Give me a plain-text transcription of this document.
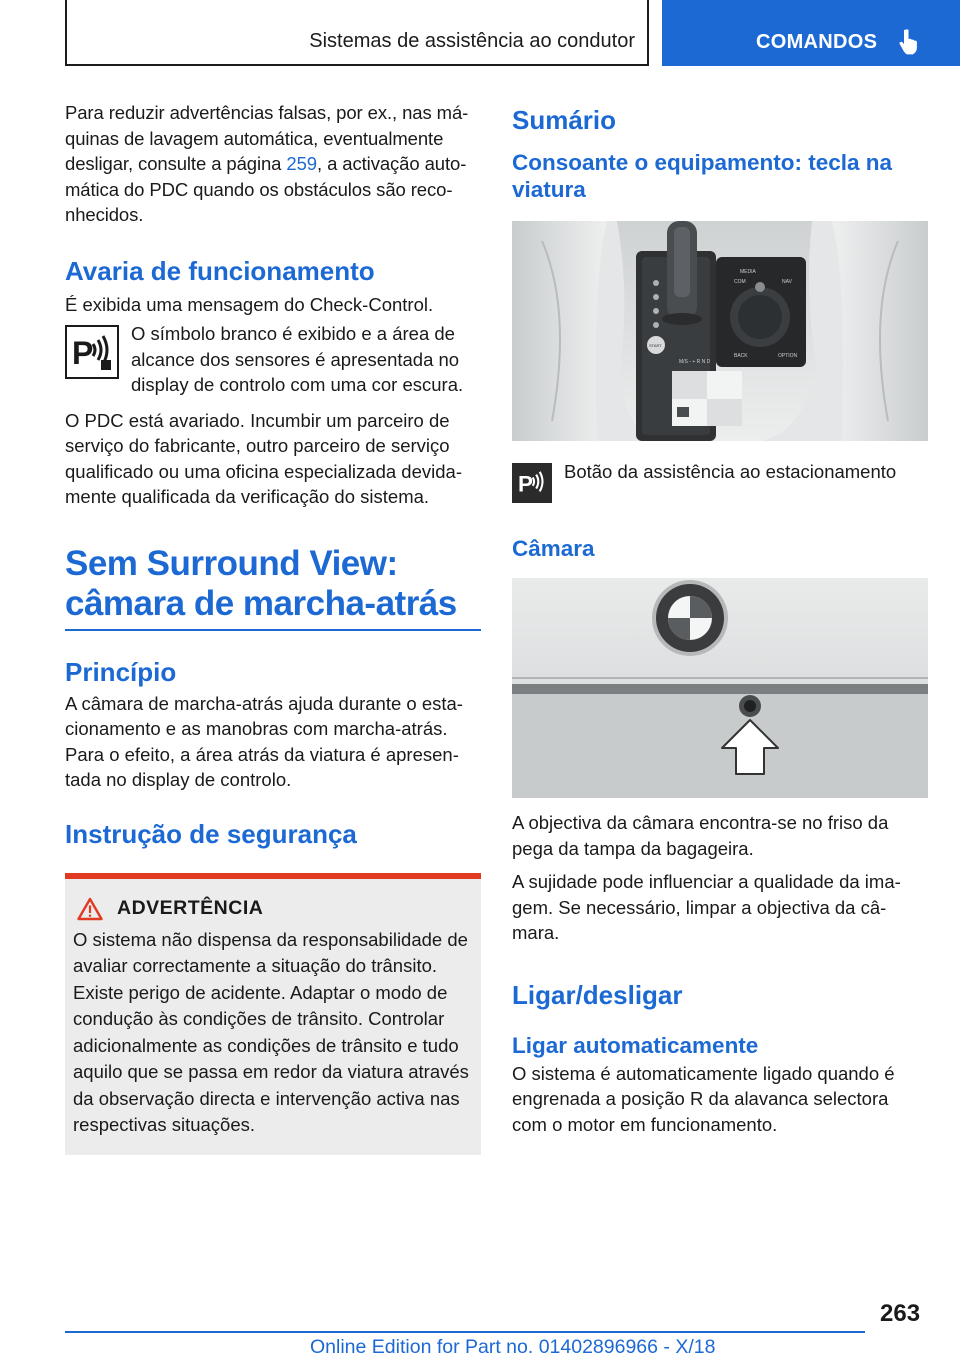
Sistemas de assistência ao condutor	COMANDOS

Para reduzir advertências falsas, por ex., nas má-quinas de lavagem automática, eventualmente desligar, consulte a página 259, a activação auto-mática do PDC quando os obstáculos são reco-nhecidos.

Avaria de funcionamento

É exibida uma mensagem do Check-Control.

P

O símbolo branco é exibido e a área de alcance dos sensores é apresentada no display de controlo com uma cor escura.

O PDC está avariado. Incumbir um parceiro de serviço do fabricante, outro parceiro de serviço qualificado ou uma oficina especializada devida-mente qualificada da verificação do sistema.

Sem Surround View: câmara de marcha-atrás
Princípio

A câmara de marcha-atrás ajuda durante o esta-cionamento e as manobras com marcha-atrás. Para o efeito, a área atrás da viatura é apresen-tada no display de controlo.

Instrução de segurança
ADVERTÊNCIA

O sistema não dispensa da responsabilidade de avaliar correctamente a situação do trânsito. Existe perigo de acidente. Adaptar o modo de condução às condições de trânsito. Controlar adicionalmente as condições de trânsito e tudo aquilo que se passa em redor da viatura através da observação directa e intervenção activa nas respectivas situações.

Sumário
Consoante o equipamento: tecla na viatura
START
M/S - + R N D
MEDIA
COM	NAV
BACK	OPTION
P Botão da assistência ao estacionamento

Câmara

A objectiva da câmara encontra-se no friso da pega da tampa da bagageira.

A sujidade pode influenciar a qualidade da ima-gem. Se necessário, limpar a objectiva da câ-mara.

Ligar/desligar
Ligar automaticamente

O sistema é automaticamente ligado quando é engrenada a posição R da alavanca selectora com o motor em funcionamento.

263
Online Edition for Part no. 01402896966 - X/18
